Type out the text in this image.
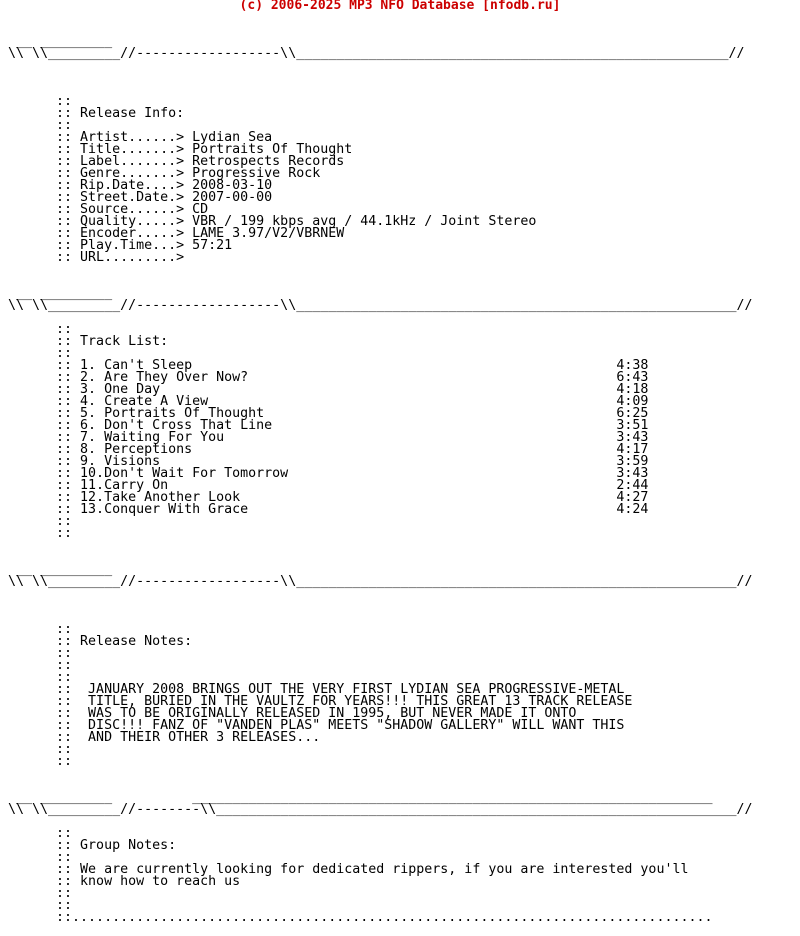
(c) 2006-2025 MP3 NFO Database [nfodb.ru]

__ _________
\\ \\_________//------------------\\______________________________________________________//

::
:: Release Info:
::
:: Artist......> Lydian Sea
:: Title.......> Portraits Of Thought
:: Label.......> Retrospects Records
:: Genre.......> Progressive Rock
:: Rip.Date....> 2008-03-10
:: Street.Date.> 2007-00-00
:: Source......> CD
:: Quality.....> VBR / 199 kbps avg / 44.1kHz / Joint Stereo
:: Encoder.....> LAME 3.97/V2/VBRNEW
:: Play.Time...> 57:21
:: URL.........>

__ _________
\\ \\_________//------------------\\_______________________________________________________//

::
:: Track List:
::
:: 1. Can't Sleep                                                     4:38
:: 2. Are They Over Now?                                              6:43
:: 3. One Day                                                         4:18
:: 4. Create A View                                                   4:09
:: 5. Portraits Of Thought                                            6:25
:: 6. Don't Cross That Line                                           3:51
:: 7. Waiting For You                                                 3:43
:: 8. Perceptions                                                     4:17
:: 9. Visions                                                         3:59
:: 10.Don't Wait For Tomorrow                                         3:43
:: 11.Carry On                                                        2:44
:: 12.Take Another Look                                               4:27
:: 13.Conquer With Grace                                              4:24
::
::

__ _________
\\ \\_________//------------------\\_______________________________________________________//

::
:: Release Notes:
::
::
::
::  JANUARY 2008 BRINGS OUT THE VERY FIRST LYDIAN SEA PROGRESSIVE-METAL
::  TITLE, BURIED IN THE VAULTZ FOR YEARS!!! THIS GREAT 13 TRACK RELEASE
::  WAS TO BE ORIGINALLY RELEASED IN 1995, BUT NEVER MADE IT ONTO
::  DISC!!! FANZ OF "VANDEN PLAS" MEETS "SHADOW GALLERY" WILL WANT THIS
::  AND THEIR OTHER 3 RELEASES...
::
::

__ _________          _________________________________________________________________
\\ \\_________//--------\\_________________________________________________________________//

::
:: Group Notes:
::
:: We are currently looking for dedicated rippers, if you are interested you'll
:: know how to reach us
::
::
::................................................................................
